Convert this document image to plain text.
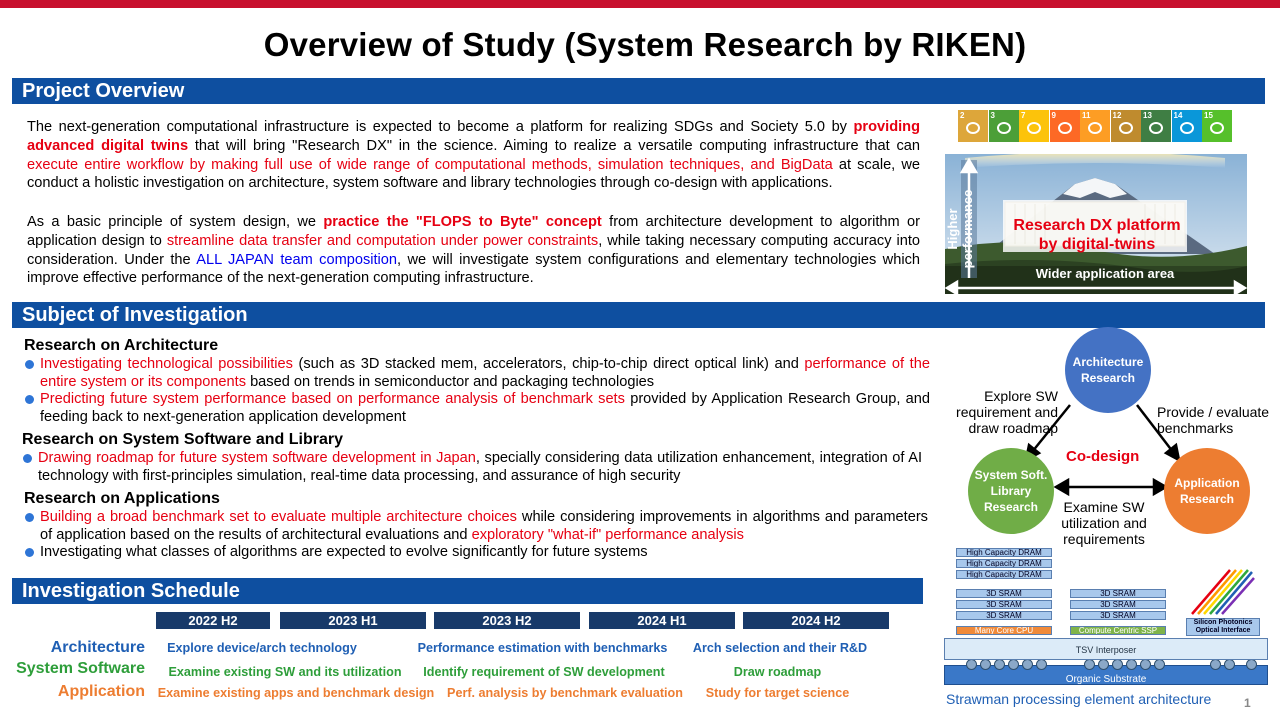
Overview of Study (System Research by RIKEN)
Project Overview
The next-generation computational infrastructure is expected to become a platform for realizing SDGs and Society 5.0 by providing advanced digital twins that will bring "Research DX" in the science. Aiming to realize a versatile computing infrastructure that can execute entire workflow by making full use of wide range of computational methods, simulation techniques, and BigData at scale, we conduct a holistic investigation on architecture, system software and library technologies through co-design with applications.
As a basic principle of system design, we practice the "FLOPS to Byte" concept from architecture development to algorithm or application design to streamline data transfer and computation under power constraints, while taking necessary computing accuracy into consideration. Under the ALL JAPAN team composition, we will investigate system configurations and elementary technologies which improve effective performance of the next-generation computing infrastructure.
2	3	7	9	11	12	13	14	15
Research DX platform
by digital-twins
Higher performance
Wider application area
Subject of Investigation
Research on Architecture
Investigating technological possibilities (such as 3D stacked mem, accelerators, chip-to-chip direct optical link) and performance of the entire system or its components based on trends in semiconductor and packaging technologies
Predicting future system performance based on performance analysis of benchmark sets provided by Application Research Group, and feeding back to next-generation application development
Research on System Software and Library
Drawing roadmap for future system software development in Japan, specially considering data utilization enhancement, integration of AI technology with first-principles simulation, real-time data processing, and assurance of high security
Research on Applications
Building a broad benchmark set to evaluate multiple architecture choices while considering improvements in algorithms and parameters of application based on the results of architectural evaluations and exploratory "what-if" performance analysis
Investigating what classes of algorithms are expected to evolve significantly for future systems
Architecture Research
System Soft. Library Research
Application Research
Co-design
Explore SW requirement and draw roadmap
Provide / evaluate benchmarks
Examine SW utilization and requirements
Organic Substrate
TSV Interposer
High Capacity DRAM
High Capacity DRAM
High Capacity DRAM
3D SRAM
3D SRAM
3D SRAM
Many Core CPU
3D SRAM
3D SRAM
3D SRAM
Compute Centric SSP
Silicon Photonics Optical Interface
Strawman processing element architecture	1
Investigation Schedule
2022 H2	2023 H1	2023 H2	2024 H1	2024 H2
Architecture
System Software
Application
Explore device/arch technology	Performance estimation with benchmarks	Arch selection and their R&D
Examine existing SW and its utilization	Identify requirement of SW development	Draw roadmap
Examine existing apps and benchmark design	Perf. analysis by benchmark evaluation	Study for target science
